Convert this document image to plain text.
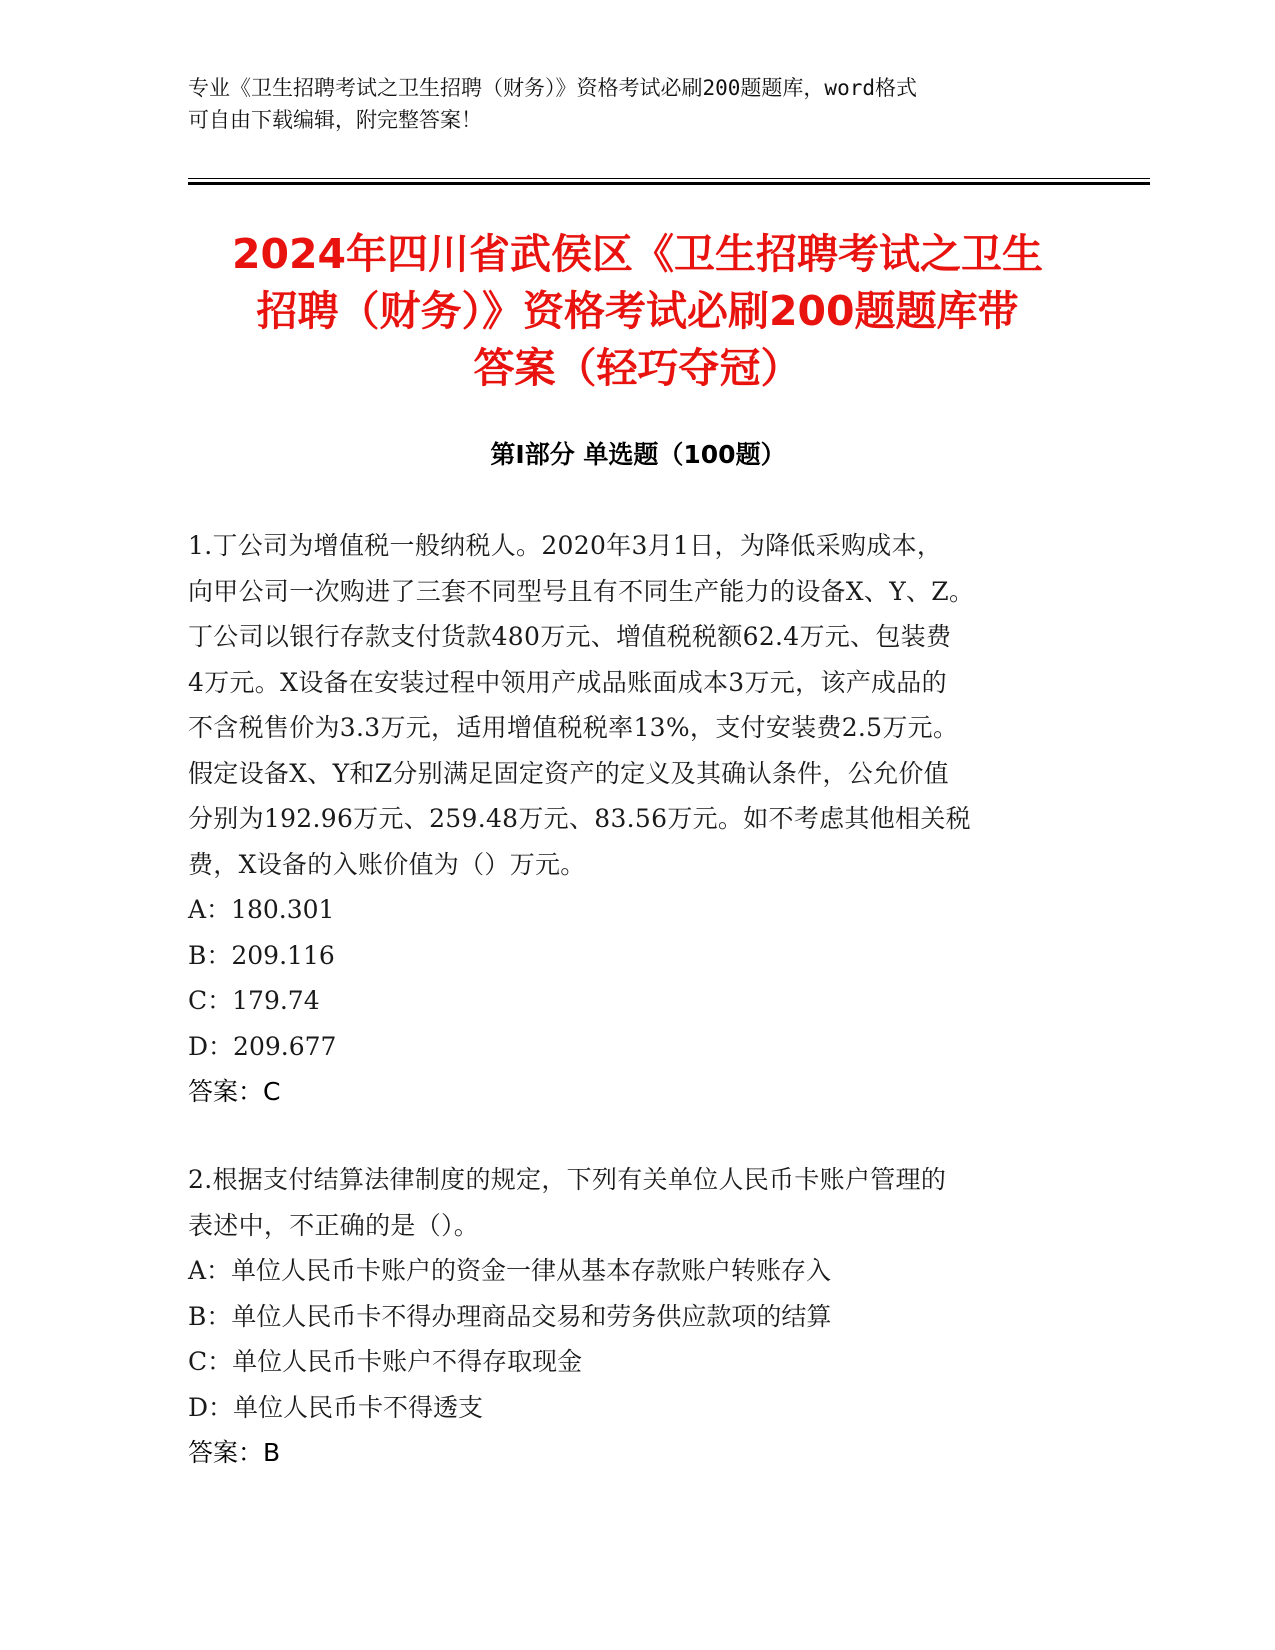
专业《卫生招聘考试之卫生招聘（财务）》资格考试必刷200题题库，word格式
可自由下载编辑，附完整答案！
2024年四川省武侯区《卫生招聘考试之卫生
招聘（财务）》资格考试必刷200题题库带
答案（轻巧夺冠）
第Ⅰ部分 单选题（100题）
1.丁公司为增值税一般纳税人。2020年3月1日，为降低采购成本，
向甲公司一次购进了三套不同型号且有不同生产能力的设备X、Y、Z。
丁公司以银行存款支付货款480万元、增值税税额62.4万元、包装费
4万元。X设备在安装过程中领用产成品账面成本3万元，该产成品的
不含税售价为3.3万元，适用增值税税率13%，支付安装费2.5万元。
假定设备X、Y和Z分别满足固定资产的定义及其确认条件，公允价值
分别为192.96万元、259.48万元、83.56万元。如不考虑其他相关税
费，X设备的入账价值为（）万元。
A：180.301
B：209.116
C：179.74
D：209.677
答案：C
2.根据支付结算法律制度的规定，下列有关单位人民币卡账户管理的
表述中，不正确的是（）。
A：单位人民币卡账户的资金一律从基本存款账户转账存入
B：单位人民币卡不得办理商品交易和劳务供应款项的结算
C：单位人民币卡账户不得存取现金
D：单位人民币卡不得透支
答案：B
